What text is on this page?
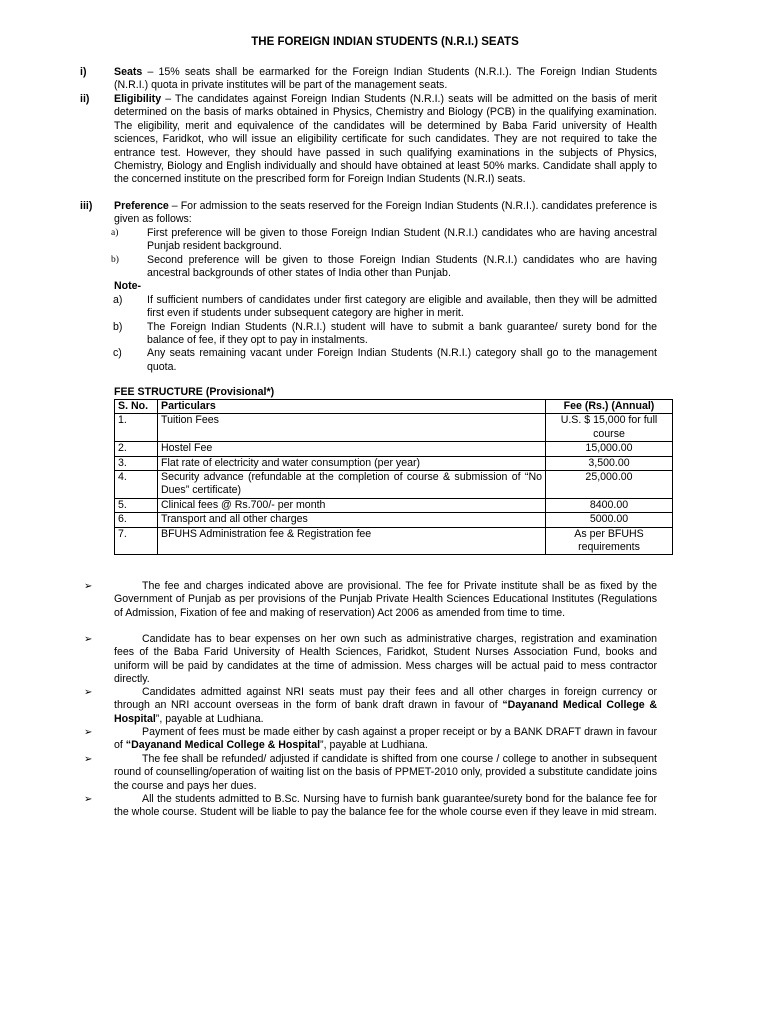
THE FOREIGN INDIAN STUDENTS (N.R.I.) SEATS
i)	Seats – 15% seats shall be earmarked for the Foreign Indian Students (N.R.I.). The Foreign Indian Students (N.R.I.) quota in private institutes will be part of the management seats.
ii) Eligibility – The candidates against Foreign Indian Students (N.R.I.) seats will be admitted on the basis of merit determined on the basis of marks obtained in Physics, Chemistry and Biology (PCB) in the qualifying examination. The eligibility, merit and equivalence of the candidates will be determined by Baba Farid university of Health sciences, Faridkot, who will issue an eligibility certificate for such candidates. They are not required to take the entrance test. However, they should have passed in such qualifying examinations in the subjects of Physics, Chemistry, Biology and English individually and should have obtained at least 50% marks. Candidate shall apply to the concerned institute on the prescribed form for Foreign Indian Students (N.R.I) seats.
iii) Preference – For admission to the seats reserved for the Foreign Indian Students (N.R.I.). candidates preference is given as follows:
a)	First preference will be given to those Foreign Indian Student (N.R.I.) candidates who are having ancestral Punjab resident background.
b)	Second preference will be given to those Foreign Indian Students (N.R.I.) candidates who are having ancestral backgrounds of other states of India other than Punjab.
Note-
a) If sufficient numbers of candidates under first category are eligible and available, then they will be admitted first even if students under subsequent category are higher in merit.
b) The Foreign Indian Students (N.R.I.) student will have to submit a bank guarantee/ surety bond for the balance of fee, if they opt to pay in instalments.
c) Any seats remaining vacant under Foreign Indian Students (N.R.I.) category shall go to the management quota.
FEE STRUCTURE (Provisional*)
S. No.	Particulars	Fee (Rs.) (Annual)
1.	Tuition Fees	U.S. $ 15,000 for full course
2.	Hostel Fee	15,000.00
3.	Flat rate of electricity and water consumption (per year)	3,500.00
4.	Security advance (refundable at the completion of course & submission of “No Dues” certificate)	25,000.00
5.	Clinical fees @ Rs.700/- per month	8400.00
6.	Transport and all other charges	5000.00
7.	BFUHS Administration fee & Registration fee	As per BFUHS requirements
➢	The fee and charges indicated above are provisional. The fee for Private institute shall be as fixed by the Government of Punjab as per provisions of the Punjab Private Health Sciences Educational Institutes (Regulations of Admission, Fixation of fee and making of reservation) Act 2006 as amended from time to time.
➢	Candidate has to bear expenses on her own such as administrative charges, registration and examination fees of the Baba Farid University of Health Sciences, Faridkot, Student Nurses Association Fund, books and uniform will be paid by candidates at the time of admission. Mess charges will be actual paid to mess contractor directly.
➢	Candidates admitted against NRI seats must pay their fees and all other charges in foreign currency or through an NRI account overseas in the form of bank draft drawn in favour of “Dayanand Medical College & Hospital”, payable at Ludhiana.
➢	Payment of fees must be made either by cash against a proper receipt or by a BANK DRAFT drawn in favour of “Dayanand Medical College & Hospital”, payable at Ludhiana.
➢	The fee shall be refunded/ adjusted if candidate is shifted from one course / college to another in subsequent round of counselling/operation of waiting list on the basis of PPMET-2010 only, provided a substitute candidate joins the course and pays her dues.
➢	All the students admitted to B.Sc. Nursing have to furnish bank guarantee/surety bond for the balance fee for the whole course. Student will be liable to pay the balance fee for the whole course even if they leave in mid stream.
